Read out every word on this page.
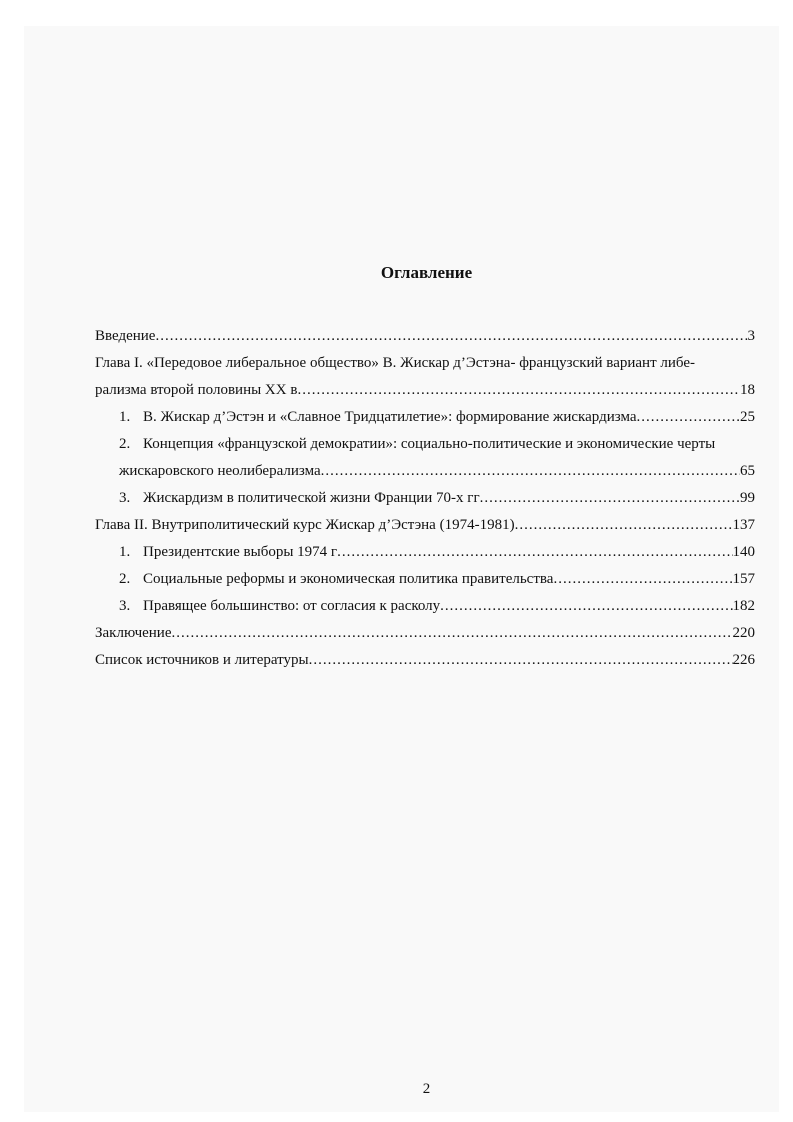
Оглавление
Введение .....	3
Глава I. «Передовое либеральное общество» В. Жискар д’Эстэна- французский вариант либе-
рализма второй половины XX в .....	18
1. В. Жискар д’Эстэн и «Славное Тридцатилетие»: формирование жискардизма .....	25
2. Концепция «французской демократии»: социально-политические и экономические черты
жискаровского неолиберализма .....	65
3. Жискардизм в политической жизни Франции 70-х гг .....	99
Глава II. Внутриполитический курс Жискар д’Эстэна (1974-1981) .....	137
1. Президентские выборы 1974 г .....	140
2. Социальные реформы и экономическая политика правительства .....	157
3. Правящее большинство: от согласия к расколу .....	182
Заключение .....	220
Список источников и литературы .....	226
2
